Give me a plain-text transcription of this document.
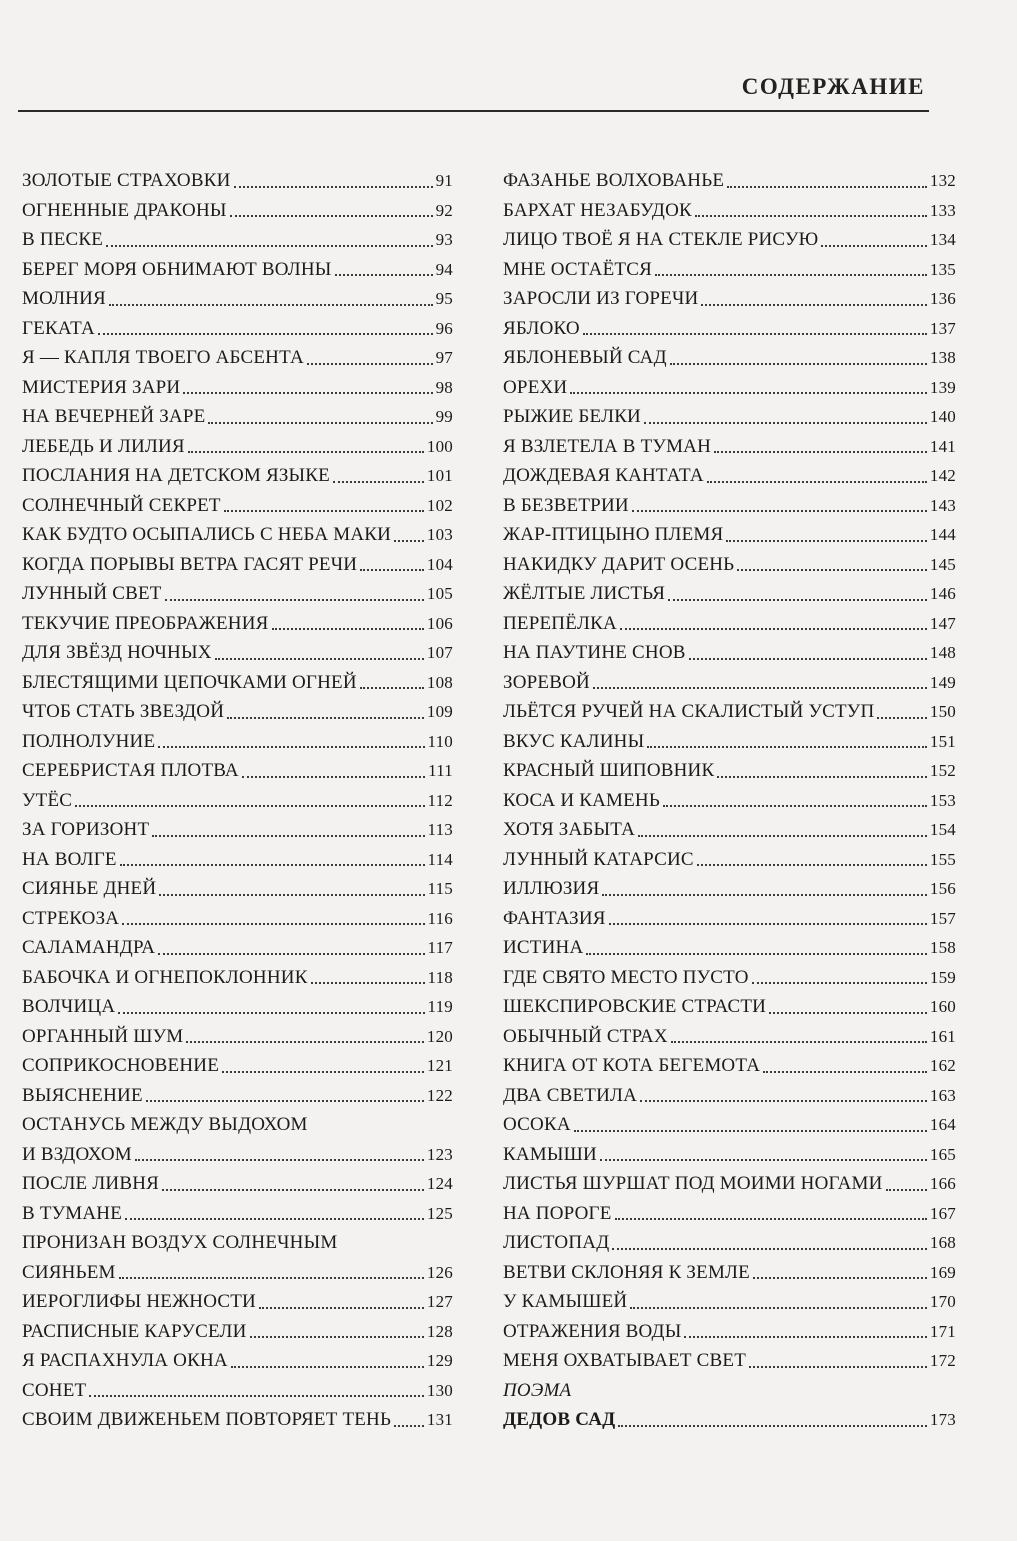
СОДЕРЖАНИЕ
ЗОЛОТЫЕ СТРАХОВКИ	91
ОГНЕННЫЕ ДРАКОНЫ	92
В ПЕСКЕ	93
БЕРЕГ МОРЯ ОБНИМАЮТ ВОЛНЫ	94
МОЛНИЯ	95
ГЕКАТА	96
Я — КАПЛЯ ТВОЕГО АБСЕНТА	97
МИСТЕРИЯ ЗАРИ	98
НА ВЕЧЕРНЕЙ ЗАРЕ	99
ЛЕБЕДЬ И ЛИЛИЯ	100
ПОСЛАНИЯ НА ДЕТСКОМ ЯЗЫКЕ	101
СОЛНЕЧНЫЙ СЕКРЕТ	102
КАК БУДТО ОСЫПАЛИСЬ С НЕБА МАКИ 103
КОГДА ПОРЫВЫ ВЕТРА ГАСЯТ РЕЧИ	104
ЛУННЫЙ СВЕТ	105
ТЕКУЧИЕ ПРЕОБРАЖЕНИЯ	106
ДЛЯ ЗВЁЗД НОЧНЫХ	107
БЛЕСТЯЩИМИ ЦЕПОЧКАМИ ОГНЕЙ	108
ЧТОБ СТАТЬ ЗВЕЗДОЙ	109
ПОЛНОЛУНИЕ	110
СЕРЕБРИСТАЯ ПЛОТВА	111
УТЁС	112
ЗА ГОРИЗОНТ	113
НА ВОЛГЕ	114
СИЯНЬЕ ДНЕЙ	115
СТРЕКОЗА	116
САЛАМАНДРА	117
БАБОЧКА И ОГНЕПОКЛОННИК	118
ВОЛЧИЦА	119
ОРГАННЫЙ ШУМ	120
СОПРИКОСНОВЕНИЕ	121
ВЫЯСНЕНИЕ	122
ОСТАНУСЬ МЕЖДУ ВЫДОХОМ
И ВЗДОХОМ	123
ПОСЛЕ ЛИВНЯ	124
В ТУМАНЕ	125
ПРОНИЗАН ВОЗДУХ СОЛНЕЧНЫМ
СИЯНЬЕМ	126
ИЕРОГЛИФЫ НЕЖНОСТИ	127
РАСПИСНЫЕ КАРУСЕЛИ	128
Я РАСПАХНУЛА ОКНА	129
СОНЕТ	130
СВОИМ ДВИЖЕНЬЕМ ПОВТОРЯЕТ ТЕНЬ 131
ФАЗАНЬЕ ВОЛХОВАНЬЕ	132
БАРХАТ НЕЗАБУДОК	133
ЛИЦО ТВОЁ Я НА СТЕКЛЕ РИСУЮ	134
МНЕ ОСТАЁТСЯ	135
ЗАРОСЛИ ИЗ ГОРЕЧИ	136
ЯБЛОКО	137
ЯБЛОНЕВЫЙ САД	138
ОРЕХИ	139
РЫЖИЕ БЕЛКИ	140
Я ВЗЛЕТЕЛА В ТУМАН	141
ДОЖДЕВАЯ КАНТАТА	142
В БЕЗВЕТРИИ	143
ЖАР-ПТИЦЫНО ПЛЕМЯ	144
НАКИДКУ ДАРИТ ОСЕНЬ	145
ЖЁЛТЫЕ ЛИСТЬЯ	146
ПЕРЕПЁЛКА	147
НА ПАУТИНЕ СНОВ	148
ЗОРЕВОЙ	149
ЛЬЁТСЯ РУЧЕЙ НА СКАЛИСТЫЙ УСТУП	150
ВКУС КАЛИНЫ	151
КРАСНЫЙ ШИПОВНИК	152
КОСА И КАМЕНЬ	153
ХОТЯ ЗАБЫТА	154
ЛУННЫЙ КАТАРСИС	155
ИЛЛЮЗИЯ	156
ФАНТАЗИЯ	157
ИСТИНА	158
ГДЕ СВЯТО МЕСТО ПУСТО	159
ШЕКСПИРОВСКИЕ СТРАСТИ	160
ОБЫЧНЫЙ СТРАХ	161
КНИГА ОТ КОТА БЕГЕМОТА	162
ДВА СВЕТИЛА	163
ОСОКА	164
КАМЫШИ	165
ЛИСТЬЯ ШУРШАТ ПОД МОИМИ НОГАМИ	166
НА ПОРОГЕ	167
ЛИСТОПАД	168
ВЕТВИ СКЛОНЯЯ К ЗЕМЛЕ	169
У КАМЫШЕЙ	170
ОТРАЖЕНИЯ ВОДЫ	171
МЕНЯ ОХВАТЫВАЕТ СВЕТ	172
ПОЭМА
ДЕДОВ САД	173
